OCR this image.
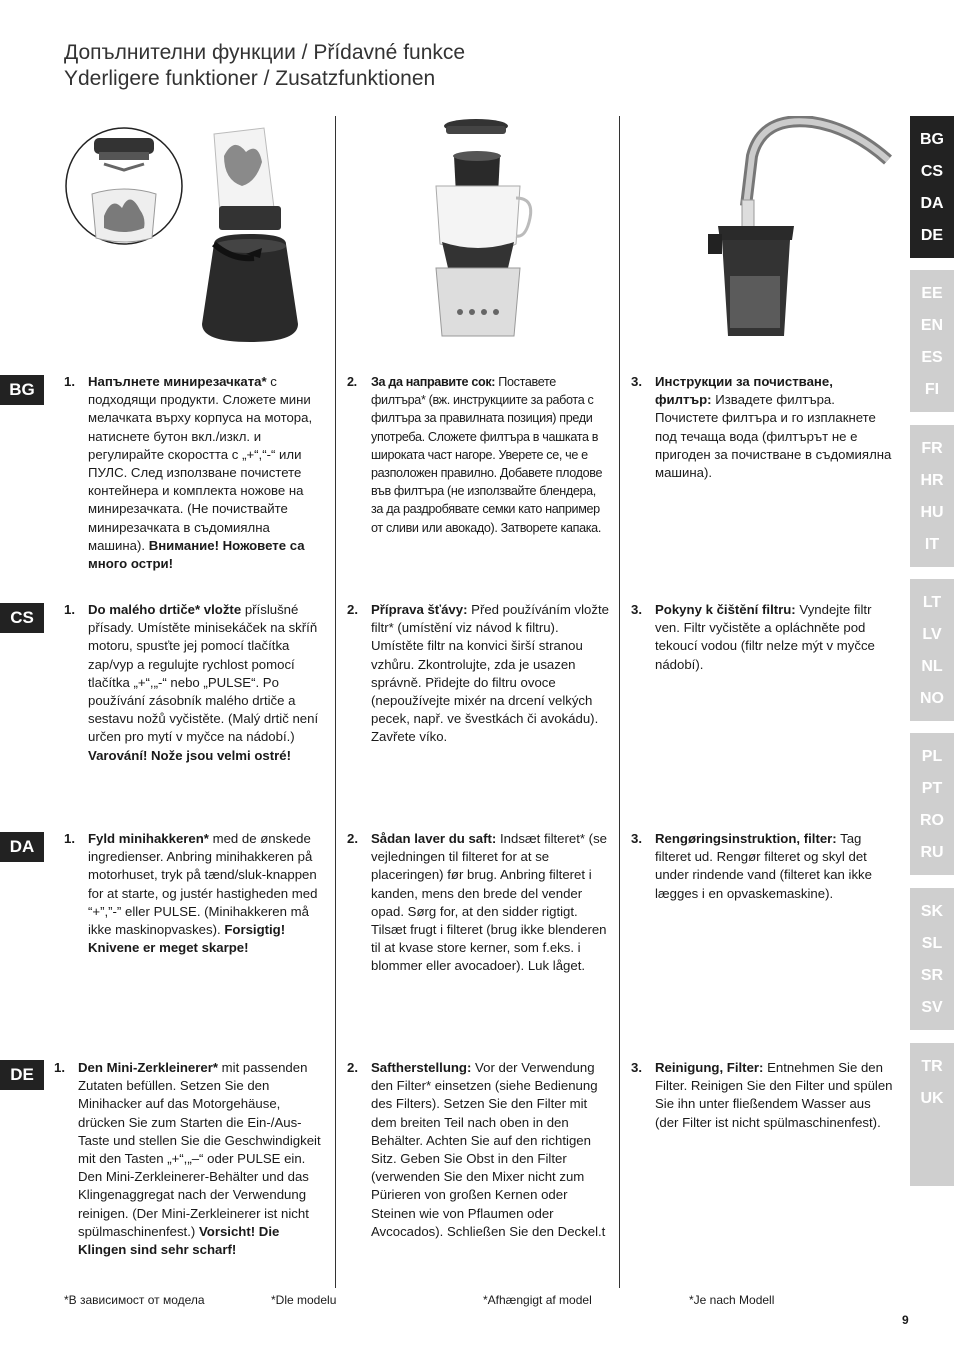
Допълнителни функции / Přídavné funkce
Yderligere funktioner / Zusatzfunktionen
BG
CS
DA
DE
EE
EN
ES
FI
FR
HR
HU
IT
LT
LV
NL
NO
PL
PT
RO
RU
SK
SL
SR
SV
TR
UK
BG
CS
DA
DE
1. Напълнете минирезачката* с подходящи продукти. Сложете мини мелачката върху корпуса на мотора, натиснете бутон вкл./изкл. и регулирайте скоростта с „+“,“-“ или ПУЛС. След използване почистете контейнера и комплекта ножове на минирезачката. (Не почиствайте минирезачката в съдомиялна машина). Внимание! Ножовете са много остри!
2. За да направите сок: Поставете филтъра* (вж. инструкциите за работа с филтъра за правилната позиция) преди употреба. Сложете филтъра в чашката в широката част нагоре. Уверете се, че е разположен правилно. Добавете плодове във филтъра (не използвайте блендера, за да раздробявате семки като например от сливи или авокадо). Затворете капака.
3. Инструкции за почистване, филтър: Извадете филтъра. Почистете филтъра и го изплакнете под течаща вода (филтърът не е пригоден за почистване в съдомиялна машина).
1. Do malého drtiče* vložte příslušné přísady. Umístěte minisekáček na skříň motoru, spusťte jej pomocí tlačítka zap/vyp a regulujte rychlost pomocí tlačítka „+“,„-“ nebo „PULSE“. Po používání zásobník malého drtiče a sestavu nožů vyčistěte. (Malý drtič není určen pro mytí v myčce na nádobí.) Varování! Nože jsou velmi ostré!
2. Příprava šťávy: Před používáním vložte filtr* (umístění viz návod k filtru). Umístěte filtr na konvici širší stranou vzhůru. Zkontrolujte, zda je usazen správně. Přidejte do filtru ovoce (nepoužívejte mixér na drcení velkých pecek, např. ve švestkách či avokádu). Zavřete víko.
3. Pokyny k čištění filtru: Vyndejte filtr ven. Filtr vyčistěte a opláchněte pod tekoucí vodou (filtr nelze mýt v myčce nádobí).
1. Fyld minihakkeren* med de ønskede ingredienser. Anbring minihakkeren på motorhuset, tryk på tænd/sluk-knappen for at starte, og justér hastigheden med “+”,”-” eller PULSE. (Minihakkeren må ikke maskinopvaskes). Forsigtig! Knivene er meget skarpe!
2. Sådan laver du saft: Indsæt filteret* (se vejledningen til filteret for at se placeringen) før brug. Anbring filteret i kanden, mens den brede del vender opad. Sørg for, at den sidder rigtigt. Tilsæt frugt i filteret (brug ikke blenderen til at kvase store kerner, som f.eks. i blommer eller avocadoer). Luk låget.
3. Rengøringsinstruktion, filter: Tag filteret ud. Rengør filteret og skyl det under rindende vand (filteret kan ikke lægges i en opvaskemaskine).
1. Den Mini-Zerkleinerer* mit passenden Zutaten befüllen. Setzen Sie den Minihacker auf das Motorgehäuse, drücken Sie zum Starten die Ein-/Aus-Taste und stellen Sie die Geschwindigkeit mit den Tasten „+“,„–“ oder PULSE ein. Den Mini-Zerkleinerer-Behälter und das Klingenaggregat nach der Verwendung reinigen. (Der Mini-Zerkleinerer ist nicht spülmaschinenfest.) Vorsicht! Die Klingen sind sehr scharf!
2. Saftherstellung: Vor der Verwendung den Filter* einsetzen (siehe Bedienung des Filters). Setzen Sie den Filter mit dem breiten Teil nach oben in den Behälter. Achten Sie auf den richtigen Sitz. Geben Sie Obst in den Filter (verwenden Sie den Mixer nicht zum Pürieren von großen Kernen oder Steinen wie von Pflaumen oder Avcocados). Schließen Sie den Deckel.t
3. Reinigung, Filter: Entnehmen Sie den Filter. Reinigen Sie den Filter und spülen Sie ihn unter fließendem Wasser aus (der Filter ist nicht spülmaschinenfest).
*В зависимост от модела	*Dle modelu	*Afhængigt af model	*Je nach Modell
9
